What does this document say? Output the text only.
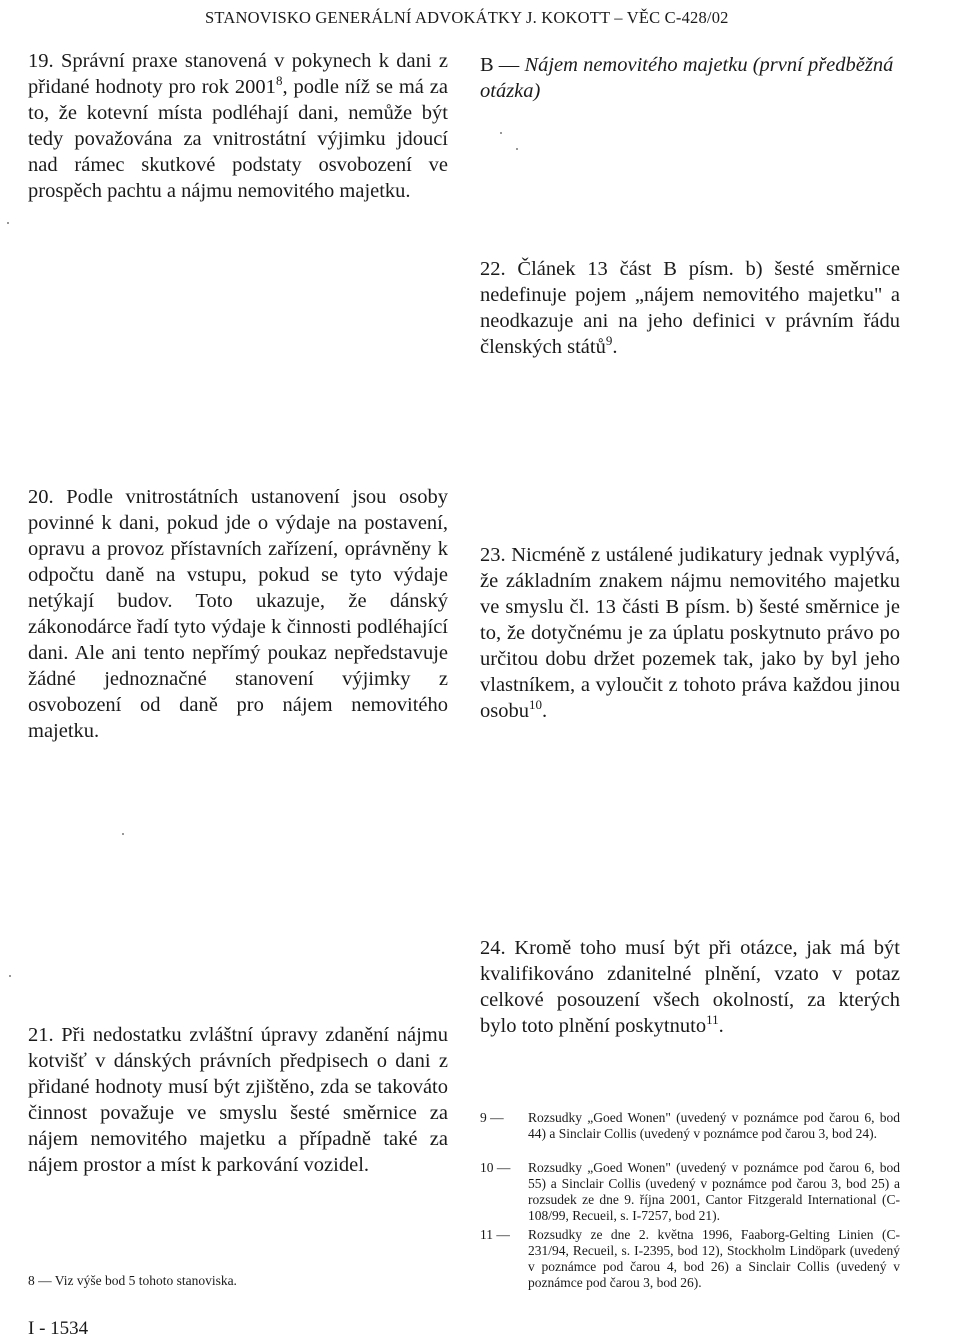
STANOVISKO GENERÁLNÍ ADVOKÁTKY J. KOKOTT – VĚC C-428/02

19. Správní praxe stanovená v pokynech k dani z přidané hodnoty pro rok 2001$^8$, podle níž se má za to, že kotevní místa podléhají dani, nemůže být tedy považována za vnitrostátní výjimku jdoucí nad rámec skutkové podstaty osvobození ve prospěch pachtu a nájmu nemovitého majetku.

B — Nájem nemovitého majetku (první předběžná otázka)

22. Článek 13 část B písm. b) šesté směrnice nedefinuje pojem „nájem nemovitého majetku" a neodkazuje ani na jeho definici v právním řádu členských států$^9$.

20. Podle vnitrostátních ustanovení jsou osoby povinné k dani, pokud jde o výdaje na postavení, opravu a provoz přístavních zařízení, oprávněny k odpočtu daně na vstupu, pokud se tyto výdaje netýkají budov. Toto ukazuje, že dánský zákonodárce řadí tyto výdaje k činnosti podléhající dani. Ale ani tento nepřímý poukaz nepředstavuje žádné jednoznačné stanovení výjimky z osvobození od daně pro nájem nemovitého majetku.

23. Nicméně z ustálené judikatury jednak vyplývá, že základním znakem nájmu nemovitého majetku ve smyslu čl. 13 části B písm. b) šesté směrnice je to, že dotyčnému je za úplatu poskytnuto právo po určitou dobu držet pozemek tak, jako by byl jeho vlastníkem, a vyloučit z tohoto práva každou jinou osobu$^{10}$.

24. Kromě toho musí být při otázce, jak má být kvalifikováno zdanitelné plnění, vzato v potaz celkové posouzení všech okolností, za kterých bylo toto plnění poskytnuto$^{11}$.

21. Při nedostatku zvláštní úpravy zdanění nájmu kotvišť v dánských právních předpisech o dani z přidané hodnoty musí být zjištěno, zda se takováto činnost považuje ve smyslu šesté směrnice za nájem nemovitého majetku a případně také za nájem prostor a míst k parkování vozidel.

9 — Rozsudky „Goed Wonen" (uvedený v poznámce pod čarou 6, bod 44) a Sinclair Collis (uvedený v poznámce pod čarou 3, bod 24).
10 — Rozsudky „Goed Wonen" (uvedený v poznámce pod čarou 6, bod 55) a Sinclair Collis (uvedený v poznámce pod čarou 3, bod 25) a rozsudek ze dne 9. října 2001, Cantor Fitzgerald International (C-108/99, Recueil, s. I-7257, bod 21).
11 — Rozsudky ze dne 2. května 1996, Faaborg-Gelting Linien (C-231/94, Recueil, s. I-2395, bod 12), Stockholm Lindöpark (uvedený v poznámce pod čarou 4, bod 26) a Sinclair Collis (uvedený v poznámce pod čarou 3, bod 26).
8 — Viz výše bod 5 tohoto stanoviska.
I - 1534
